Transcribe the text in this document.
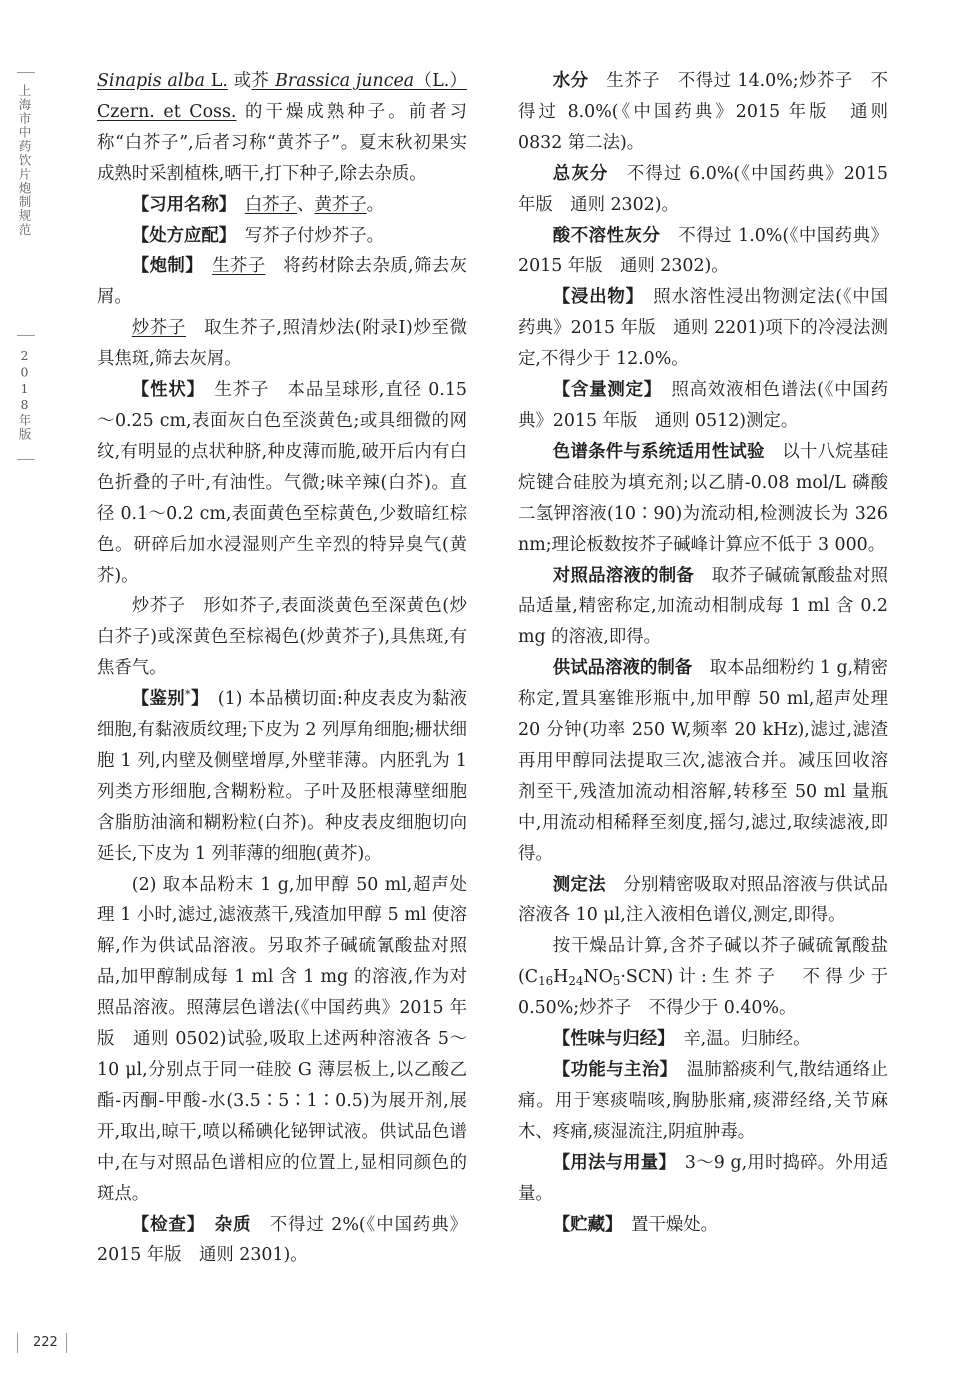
上海市中药饮片炮制规范
2018年版

Sinapis alba L. 或芥 Brassica juncea（L.）Czern. et Coss. 的干燥成熟种子。前者习称“白芥子”,后者习称“黄芥子”。夏末秋初果实成熟时采割植株,晒干,打下种子,除去杂质。

【习用名称】　 白芥子、黄芥子。

【处方应配】　写芥子付炒芥子。

【炮制】　 生芥子　将药材除去杂质,筛去灰屑。

炒芥子　取生芥子,照清炒法(附录Ⅰ)炒至微具焦斑,筛去灰屑。

【性状】　生芥子　本品呈球形,直径 0.15～0.25 cm,表面灰白色至淡黄色;或具细微的网纹,有明显的点状种脐,种皮薄而脆,破开后内有白色折叠的子叶,有油性。气微;味辛辣(白芥)。直径 0.1～0.2 cm,表面黄色至棕黄色,少数暗红棕色。研碎后加水浸湿则产生辛烈的特异臭气(黄芥)。

炒芥子　形如芥子,表面淡黄色至深黄色(炒白芥子)或深黄色至棕褐色(炒黄芥子),具焦斑,有焦香气。

【鉴别*】　(1) 本品横切面:种皮表皮为黏液细胞,有黏液质纹理;下皮为 2 列厚角细胞;栅状细胞 1 列,内壁及侧壁增厚,外壁菲薄。内胚乳为 1 列类方形细胞,含糊粉粒。子叶及胚根薄壁细胞含脂肪油滴和糊粉粒(白芥)。种皮表皮细胞切向延长,下皮为 1 列菲薄的细胞(黄芥)。

(2) 取本品粉末 1 g,加甲醇 50 ml,超声处理 1 小时,滤过,滤液蒸干,残渣加甲醇 5 ml 使溶解,作为供试品溶液。另取芥子碱硫氰酸盐对照品,加甲醇制成每 1 ml 含 1 mg 的溶液,作为对照品溶液。照薄层色谱法(《中国药典》2015 年版　通则 0502)试验,吸取上述两种溶液各 5～10 μl,分别点于同一硅胶 G 薄层板上,以乙酸乙酯-丙酮-甲酸-水(3.5∶5∶1∶0.5)为展开剂,展开,取出,晾干,喷以稀碘化铋钾试液。供试品色谱中,在与对照品色谱相应的位置上,显相同颜色的斑点。

【检查】　 杂质　不得过 2%(《中国药典》2015 年版　通则 2301)。

水分　生芥子　不得过 14.0%;炒芥子　不得过 8.0%(《中国药典》2015 年版　通则 0832 第二法)。

总灰分　不得过 6.0%(《中国药典》2015 年版　通则 2302)。

酸不溶性灰分　不得过 1.0%(《中国药典》2015 年版　通则 2302)。

【浸出物】　照水溶性浸出物测定法(《中国药典》2015 年版　通则 2201)项下的冷浸法测定,不得少于 12.0%。

【含量测定】　照高效液相色谱法(《中国药典》2015 年版　通则 0512)测定。

色谱条件与系统适用性试验　以十八烷基硅烷键合硅胶为填充剂;以乙腈-0.08 mol/L 磷酸二氢钾溶液(10∶90)为流动相,检测波长为 326 nm;理论板数按芥子碱峰计算应不低于 3 000。

对照品溶液的制备　取芥子碱硫氰酸盐对照品适量,精密称定,加流动相制成每 1 ml 含 0.2 mg 的溶液,即得。

供试品溶液的制备　取本品细粉约 1 g,精密称定,置具塞锥形瓶中,加甲醇 50 ml,超声处理 20 分钟(功率 250 W,频率 20 kHz),滤过,滤渣再用甲醇同法提取三次,滤液合并。减压回收溶剂至干,残渣加流动相溶解,转移至 50 ml 量瓶中,用流动相稀释至刻度,摇匀,滤过,取续滤液,即得。

测定法　分别精密吸取对照品溶液与供试品溶液各 10 μl,注入液相色谱仪,测定,即得。

按干燥品计算,含芥子碱以芥子碱硫氰酸盐$(C_{16}H_{24}NO_5\cdot SCN)$计:生芥子　不得少于 0.50%;炒芥子　不得少于 0.40%。

【性味与归经】　辛,温。归肺经。

【功能与主治】　温肺豁痰利气,散结通络止痛。用于寒痰喘咳,胸胁胀痛,痰滞经络,关节麻木、疼痛,痰湿流注,阴疽肿毒。

【用法与用量】　3～9 g,用时捣碎。外用适量。

【贮藏】　置干燥处。

222
